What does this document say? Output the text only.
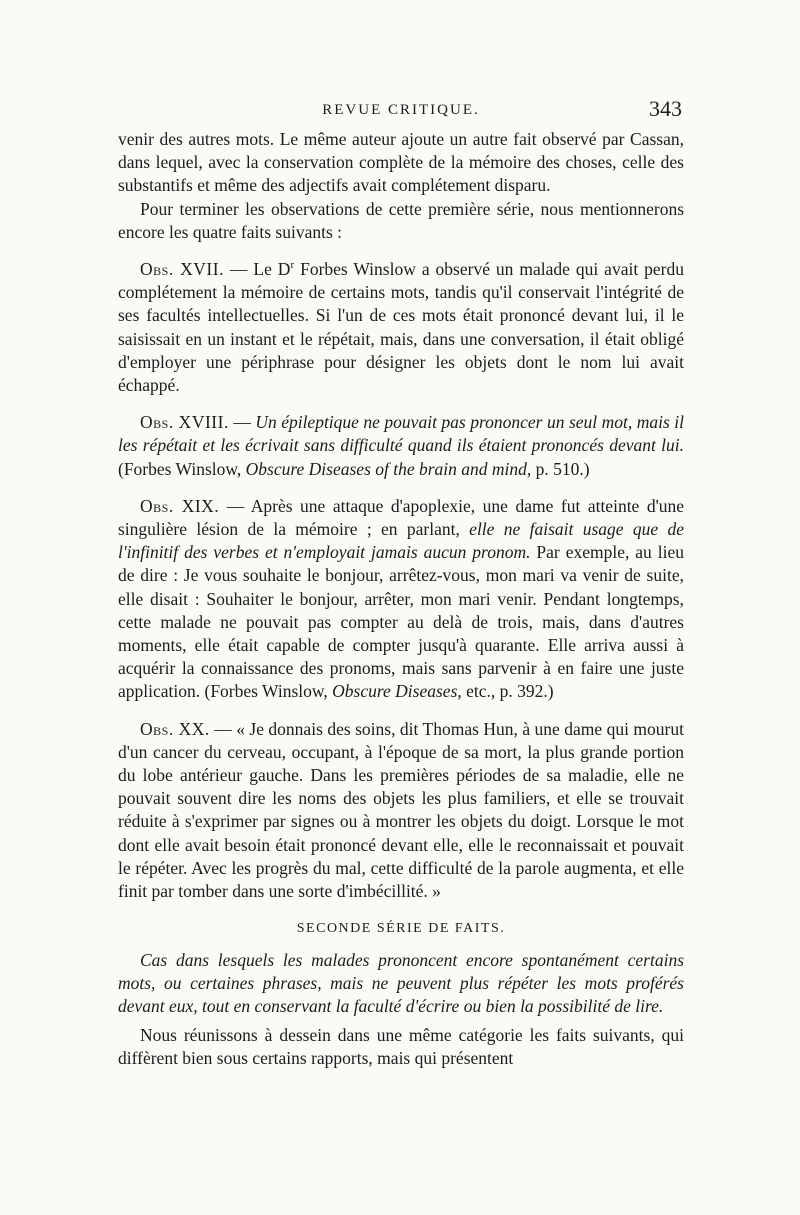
REVUE CRITIQUE.	343

venir des autres mots. Le même auteur ajoute un autre fait observé par Cassan, dans lequel, avec la conservation complète de la mémoire des choses, celle des substantifs et même des adjectifs avait complétement disparu.

Pour terminer les observations de cette première série, nous mentionnerons encore les quatre faits suivants :

Obs. XVII. — Le $D^r$ Forbes Winslow a observé un malade qui avait perdu complétement la mémoire de certains mots, tandis qu'il conservait l'intégrité de ses facultés intellectuelles. Si l'un de ces mots était prononcé devant lui, il le saisissait en un instant et le répétait, mais, dans une conversation, il était obligé d'employer une périphrase pour désigner les objets dont le nom lui avait échappé.

Obs. XVIII. — Un épileptique ne pouvait pas prononcer un seul mot, mais il les répétait et les écrivait sans difficulté quand ils étaient prononcés devant lui. (Forbes Winslow, Obscure Diseases of the brain and mind, p. 510.)

Obs. XIX. — Après une attaque d'apoplexie, une dame fut atteinte d'une singulière lésion de la mémoire ; en parlant, elle ne faisait usage que de l'infinitif des verbes et n'employait jamais aucun pronom. Par exemple, au lieu de dire : Je vous souhaite le bonjour, arrêtez-vous, mon mari va venir de suite, elle disait : Souhaiter le bonjour, arrêter, mon mari venir. Pendant longtemps, cette malade ne pouvait pas compter au delà de trois, mais, dans d'autres moments, elle était capable de compter jusqu'à quarante. Elle arriva aussi à acquérir la connaissance des pronoms, mais sans parvenir à en faire une juste application. (Forbes Winslow, Obscure Diseases, etc., p. 392.)

Obs. XX. — « Je donnais des soins, dit Thomas Hun, à une dame qui mourut d'un cancer du cerveau, occupant, à l'époque de sa mort, la plus grande portion du lobe antérieur gauche. Dans les premières périodes de sa maladie, elle ne pouvait souvent dire les noms des objets les plus familiers, et elle se trouvait réduite à s'exprimer par signes ou à montrer les objets du doigt. Lorsque le mot dont elle avait besoin était prononcé devant elle, elle le reconnaissait et pouvait le répéter. Avec les progrès du mal, cette difficulté de la parole augmenta, et elle finit par tomber dans une sorte d'imbécillité. »

SECONDE SÉRIE DE FAITS.

Cas dans lesquels les malades prononcent encore spontanément certains mots, ou certaines phrases, mais ne peuvent plus répéter les mots proférés devant eux, tout en conservant la faculté d'écrire ou bien la possibilité de lire.

Nous réunissons à dessein dans une même catégorie les faits suivants, qui diffèrent bien sous certains rapports, mais qui présentent
